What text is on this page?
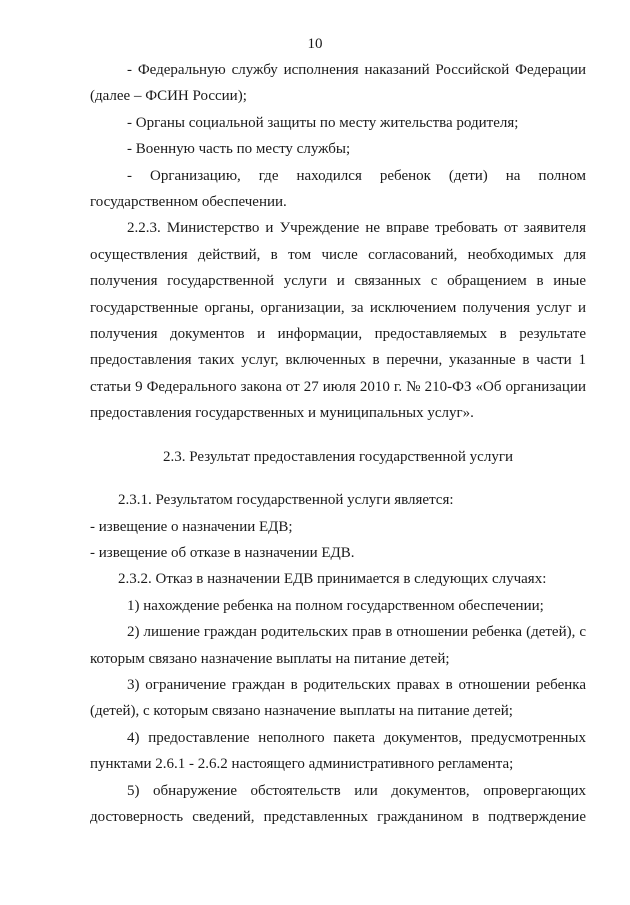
10

- Федеральную службу исполнения наказаний Российской Федерации (далее – ФСИН России);

- Органы социальной защиты по месту жительства родителя;

- Военную часть по месту службы;

- Организацию, где находился ребенок (дети) на полном государственном обеспечении.

2.2.3. Министерство и Учреждение не вправе требовать от заявителя осуществления действий, в том числе согласований, необходимых для получения государственной услуги и связанных с обращением в иные государственные органы, организации, за исключением получения услуг и получения документов и информации, предоставляемых в результате предоставления таких услуг, включенных в перечни, указанные в части 1 статьи 9 Федерального закона от 27 июля 2010 г. № 210-ФЗ «Об организации предоставления государственных и муниципальных услуг».

2.3. Результат предоставления государственной услуги

2.3.1. Результатом государственной услуги является:

- извещение о назначении ЕДВ;

- извещение об отказе в назначении ЕДВ.

2.3.2. Отказ в назначении ЕДВ принимается в следующих случаях:

1) нахождение ребенка на полном государственном обеспечении;

2) лишение граждан родительских прав в отношении ребенка (детей), с которым связано назначение выплаты на питание детей;

3) ограничение граждан в родительских правах в отношении ребенка (детей), с которым связано назначение выплаты на питание детей;

4) предоставление неполного пакета документов, предусмотренных пунктами 2.6.1 - 2.6.2 настоящего административного регламента;

5) обнаружение обстоятельств или документов, опровергающих достоверность сведений, представленных гражданином в подтверждение
